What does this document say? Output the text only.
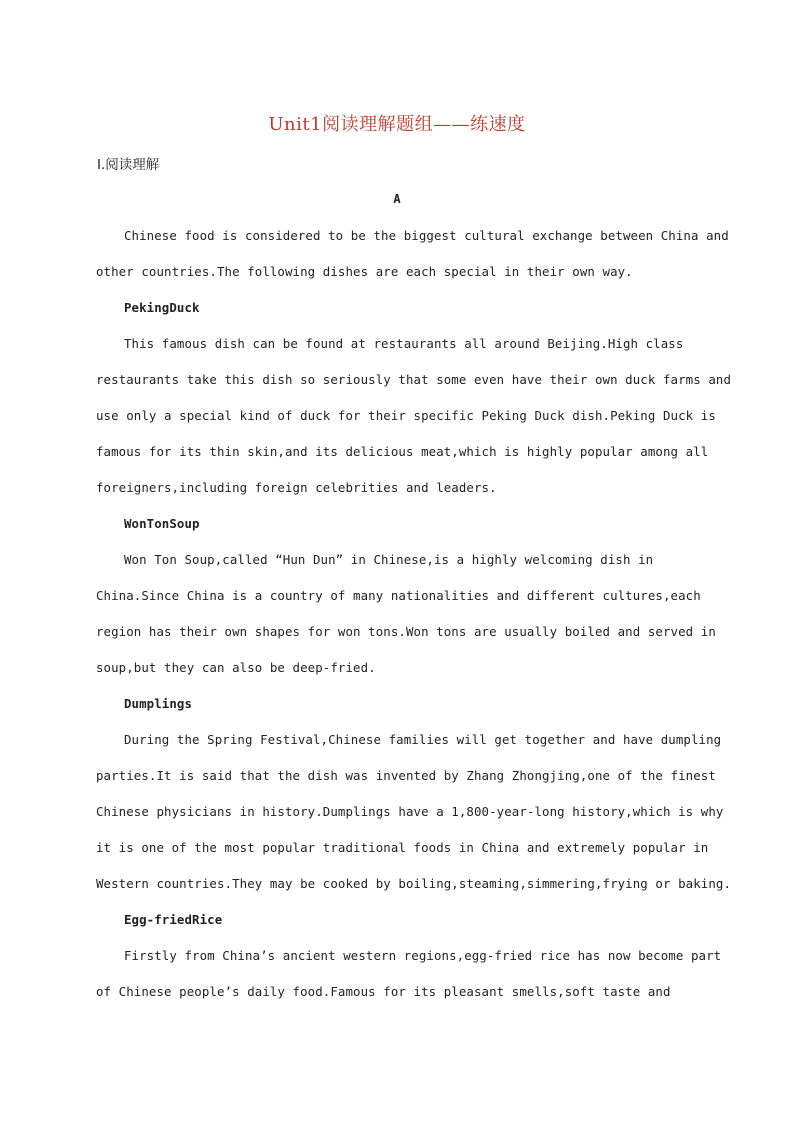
Unit1阅读理解题组——练速度
Ⅰ.阅读理解
A
Chinese food is considered to be the biggest cultural exchange between China and
other countries.The following dishes are each special in their own way.
PekingDuck
This famous dish can be found at restaurants all around Beijing.High class
restaurants take this dish so seriously that some even have their own duck farms and
use only a special kind of duck for their specific Peking Duck dish.Peking Duck is
famous for its thin skin,and its delicious meat,which is highly popular among all
foreigners,including foreign celebrities and leaders.
WonTonSoup
Won Ton Soup,called “Hun Dun” in Chinese,is a highly welcoming dish in
China.Since China is a country of many nationalities and different cultures,each
region has their own shapes for won tons.Won tons are usually boiled and served in
soup,but they can also be deep-fried.
Dumplings
During the Spring Festival,Chinese families will get together and have dumpling
parties.It is said that the dish was invented by Zhang Zhongjing,one of the finest
Chinese physicians in history.Dumplings have a 1,800-year-long history,which is why
it is one of the most popular traditional foods in China and extremely popular in
Western countries.They may be cooked by boiling,steaming,simmering,frying or baking.
Egg-friedRice
Firstly from China’s ancient western regions,egg-fried rice has now become part
of Chinese people’s daily food.Famous for its pleasant smells,soft taste and
